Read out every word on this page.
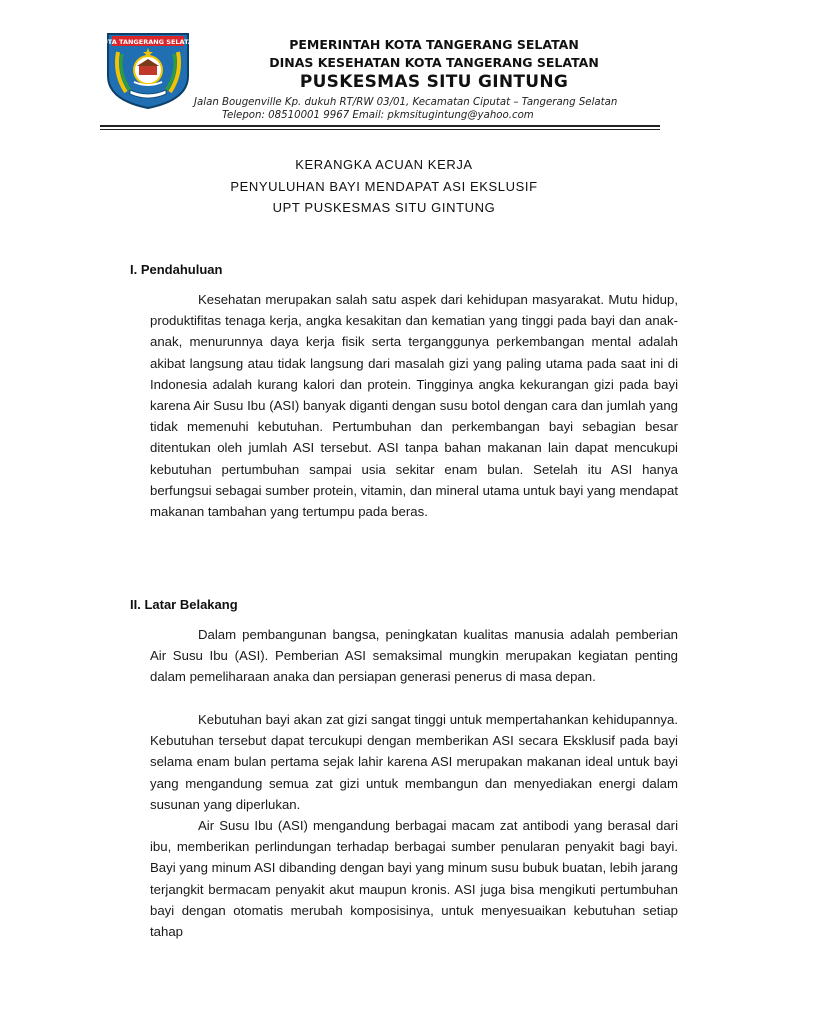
KOTA TANGERANG SELATAN	PEMERINTAH KOTA TANGERANG SELATAN
DINAS KESEHATAN KOTA TANGERANG SELATAN
PUSKESMAS SITU GINTUNG
Jalan Bougenville Kp. dukuh RT/RW 03/01, Kecamatan Ciputat – Tangerang Selatan
Telepon: 08510001 9967 Email: pkmsitugintung@yahoo.com
KERANGKA ACUAN KERJA
PENYULUHAN BAYI MENDAPAT ASI EKSLUSIF
UPT PUSKESMAS SITU GINTUNG
I. Pendahuluan

Kesehatan merupakan salah satu aspek dari kehidupan masyarakat. Mutu hidup, produktifitas tenaga kerja, angka kesakitan dan kematian yang tinggi pada bayi dan anak-anak, menurunnya daya kerja fisik serta terganggunya perkembangan mental adalah akibat langsung atau tidak langsung dari masalah gizi yang paling utama pada saat ini di Indonesia adalah kurang kalori dan protein. Tingginya angka kekurangan gizi pada bayi karena Air Susu Ibu (ASI) banyak diganti dengan susu botol dengan cara dan jumlah yang tidak memenuhi kebutuhan. Pertumbuhan dan perkembangan bayi sebagian besar ditentukan oleh jumlah ASI tersebut. ASI tanpa bahan makanan lain dapat mencukupi kebutuhan pertumbuhan sampai usia sekitar enam bulan. Setelah itu ASI hanya berfungsui sebagai sumber protein, vitamin, dan mineral utama untuk bayi yang mendapat makanan tambahan yang tertumpu pada beras.

II. Latar Belakang

Dalam pembangunan bangsa, peningkatan kualitas manusia adalah pemberian Air Susu Ibu (ASI). Pemberian ASI semaksimal mungkin merupakan kegiatan penting dalam pemeliharaan anaka dan persiapan generasi penerus di masa depan.

Kebutuhan bayi akan zat gizi sangat tinggi untuk mempertahankan kehidupannya. Kebutuhan tersebut dapat tercukupi dengan memberikan ASI secara Eksklusif pada bayi selama enam bulan pertama sejak lahir karena ASI merupakan makanan ideal untuk bayi yang mengandung semua zat gizi untuk membangun dan menyediakan energi dalam susunan yang diperlukan.

Air Susu Ibu (ASI) mengandung berbagai macam zat antibodi yang berasal dari ibu, memberikan perlindungan terhadap berbagai sumber penularan penyakit bagi bayi. Bayi yang minum ASI dibanding dengan bayi yang minum susu bubuk buatan, lebih jarang terjangkit bermacam penyakit akut maupun kronis. ASI juga bisa mengikuti pertumbuhan bayi dengan otomatis merubah komposisinya, untuk menyesuaikan kebutuhan setiap tahap
